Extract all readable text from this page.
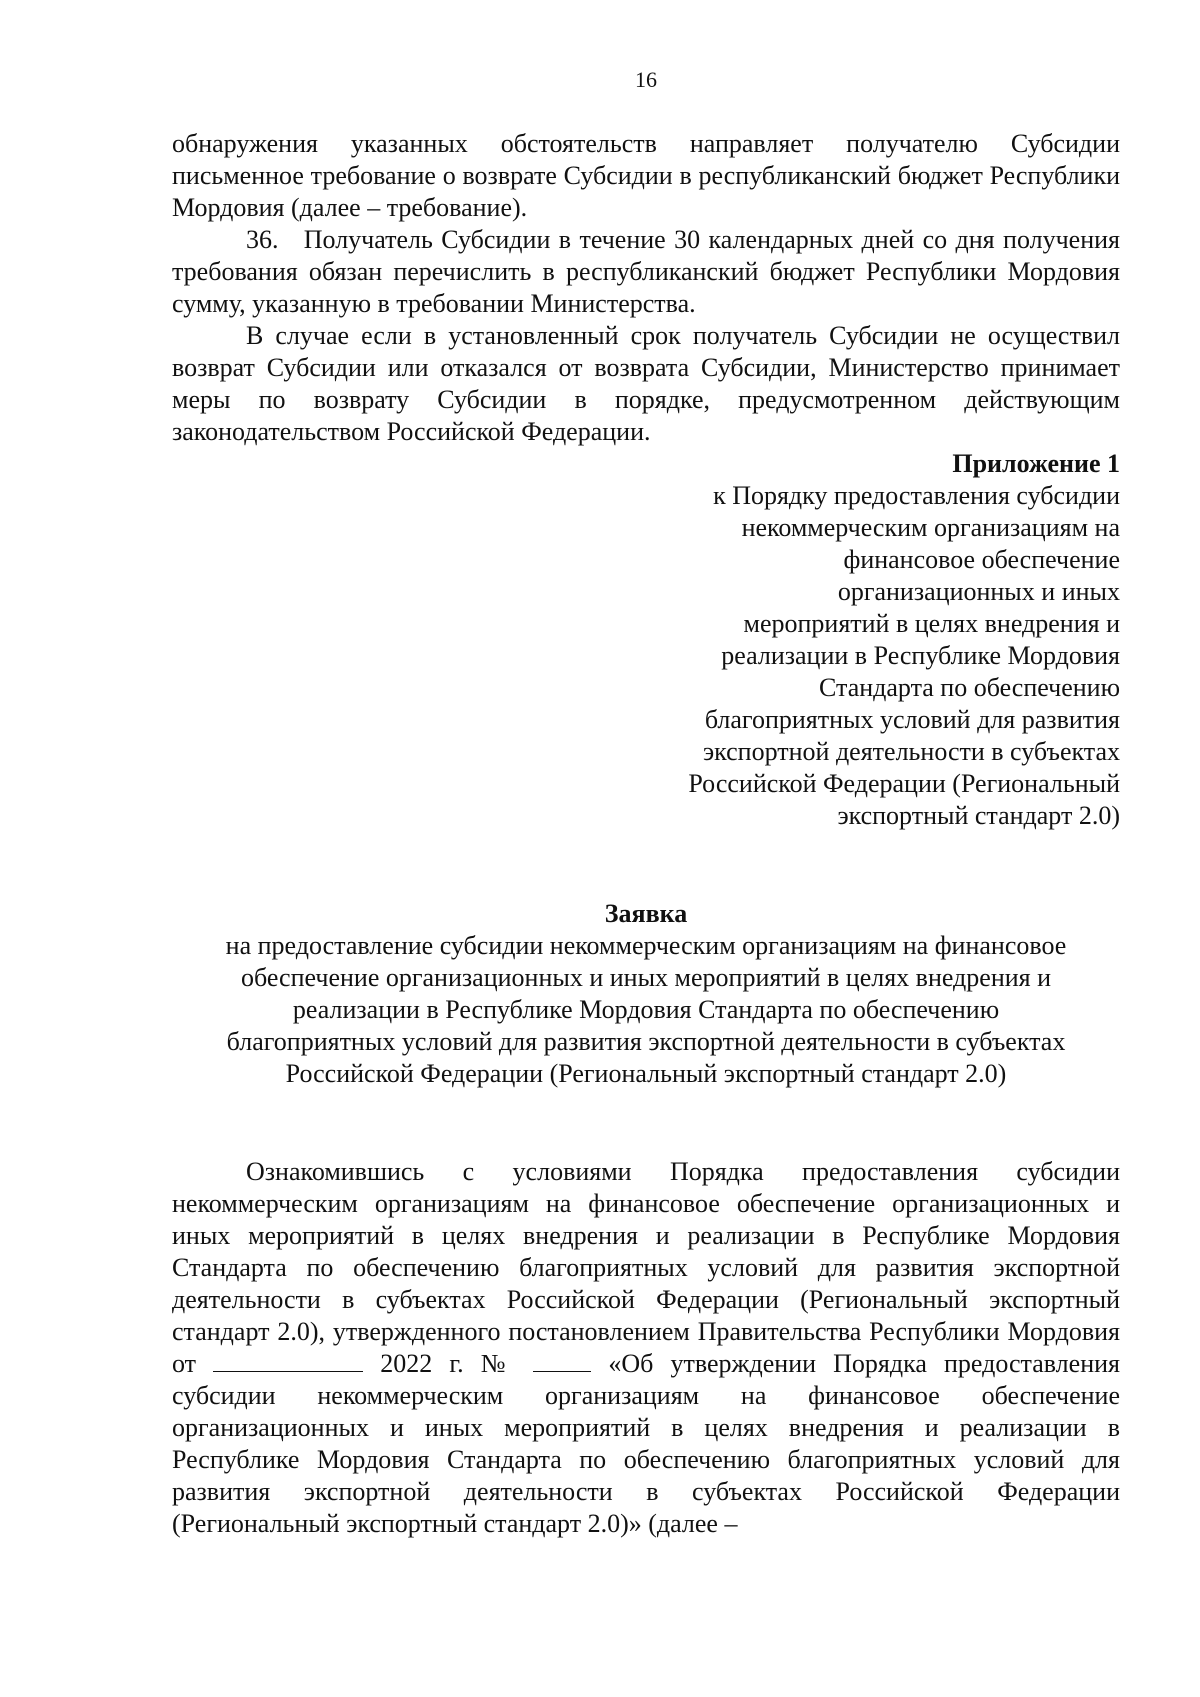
16

обнаружения указанных обстоятельств направляет получателю Субсидии письменное требование о возврате Субсидии в республиканский бюджет Республики Мордовия (далее – требование).

36.   Получатель Субсидии в течение 30 календарных дней со дня получения требования обязан перечислить в республиканский бюджет Республики Мордовия сумму, указанную в требовании Министерства.

В случае если в установленный срок получатель Субсидии не осуществил возврат Субсидии или отказался от возврата Субсидии, Министерство принимает меры по возврату Субсидии в порядке, предусмотренном действующим законодательством Российской Федерации.

Приложение 1

к Порядку предоставления субсидии
некоммерческим организациям на
финансовое обеспечение
организационных и иных
мероприятий в целях внедрения и
реализации в Республике Мордовия
Стандарта по обеспечению
благоприятных условий для развития
экспортной деятельности в субъектах
Российской Федерации (Региональный
экспортный стандарт 2.0)

Заявка

на предоставление субсидии некоммерческим организациям на финансовое
обеспечение организационных и иных мероприятий в целях внедрения и
реализации в Республике Мордовия Стандарта по обеспечению
благоприятных условий для развития экспортной деятельности в субъектах
Российской Федерации (Региональный экспортный стандарт 2.0)

Ознакомившись с условиями Порядка предоставления субсидии некоммерческим организациям на финансовое обеспечение организационных и иных мероприятий в целях внедрения и реализации в Республике Мордовия Стандарта по обеспечению благоприятных условий для развития экспортной деятельности в субъектах Российской Федерации (Региональный экспортный стандарт 2.0), утвержденного постановлением Правительства Республики Мордовия от	2022 г. №  «Об утверждении Порядка предоставления субсидии некоммерческим организациям на финансовое обеспечение организационных и иных мероприятий в целях внедрения и реализации в Республике Мордовия Стандарта по обеспечению благоприятных условий для развития экспортной деятельности в субъектах Российской Федерации (Региональный экспортный стандарт 2.0)» (далее –
